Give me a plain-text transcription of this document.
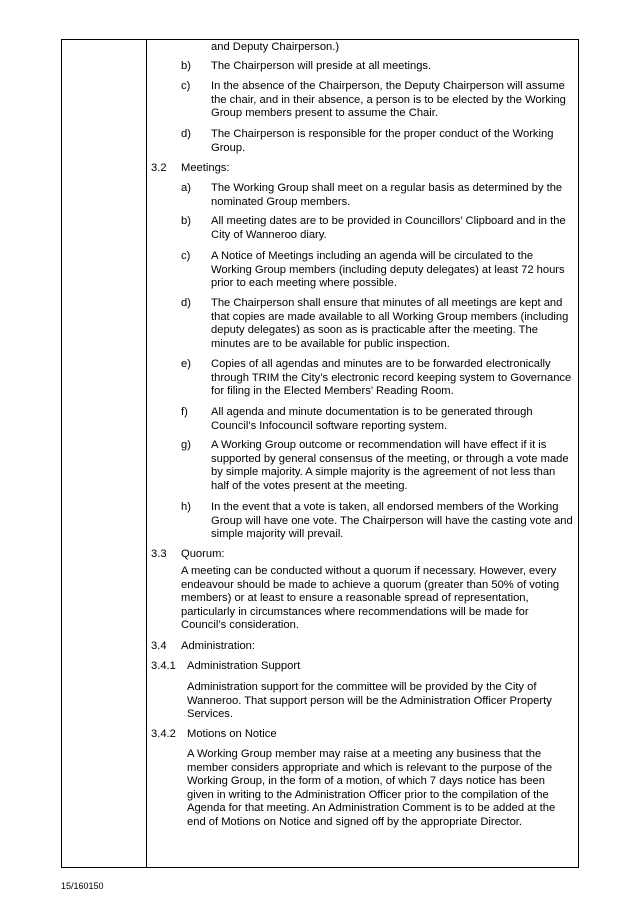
and Deputy Chairperson.)
b) The Chairperson will preside at all meetings.
c) In the absence of the Chairperson, the Deputy Chairperson will assume the chair, and in their absence, a person is to be elected by the Working Group members present to assume the Chair.
d) The Chairperson is responsible for the proper conduct of the Working Group.
3.2 Meetings:
a) The Working Group shall meet on a regular basis as determined by the nominated Group members.
b) All meeting dates are to be provided in Councillors’ Clipboard and in the City of Wanneroo diary.
c) A Notice of Meetings including an agenda will be circulated to the Working Group members (including deputy delegates) at least 72 hours prior to each meeting where possible.
d) The Chairperson shall ensure that minutes of all meetings are kept and that copies are made available to all Working Group members (including deputy delegates) as soon as is practicable after the meeting. The minutes are to be available for public inspection.
e) Copies of all agendas and minutes are to be forwarded electronically through TRIM the City’s electronic record keeping system to Governance for filing in the Elected Members’ Reading Room.
f) All agenda and minute documentation is to be generated through Council’s Infocouncil software reporting system.
g) A Working Group outcome or recommendation will have effect if it is supported by general consensus of the meeting, or through a vote made by simple majority. A simple majority is the agreement of not less than half of the votes present at the meeting.
h) In the event that a vote is taken, all endorsed members of the Working Group will have one vote. The Chairperson will have the casting vote and simple majority will prevail.
3.3 Quorum:
A meeting can be conducted without a quorum if necessary. However, every endeavour should be made to achieve a quorum (greater than 50% of voting members) or at least to ensure a reasonable spread of representation, particularly in circumstances where recommendations will be made for Council’s consideration.
3.4 Administration:
3.4.1 Administration Support
Administration support for the committee will be provided by the City of Wanneroo. That support person will be the Administration Officer Property Services.
3.4.2 Motions on Notice
A Working Group member may raise at a meeting any business that the member considers appropriate and which is relevant to the purpose of the Working Group, in the form of a motion, of which 7 days notice has been given in writing to the Administration Officer prior to the compilation of the Agenda for that meeting. An Administration Comment is to be added at the end of Motions on Notice and signed off by the appropriate Director.
15/160150
